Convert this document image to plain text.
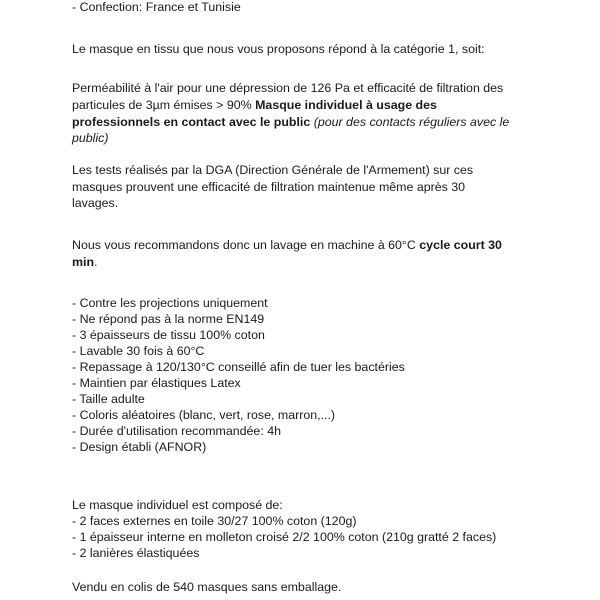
- Confection: France et Tunisie
Le masque en tissu que nous vous proposons répond à la catégorie 1, soit:
Perméabilité à l'air pour une dépression de 126 Pa et efficacité de filtration des
particules de 3µm émises > 90% Masque individuel à usage des
professionnels en contact avec le public (pour des contacts réguliers avec le
public)
Les tests réalisés par la DGA (Direction Générale de l'Armement) sur ces
masques prouvent une efficacité de filtration maintenue même après 30
lavages.
Nous vous recommandons donc un lavage en machine à 60°C cycle court 30
min.
- Contre les projections uniquement
- Ne répond pas à la norme EN149
- 3 épaisseurs de tissu 100% coton
- Lavable 30 fois à 60°C
- Repassage à 120/130°C conseillé afin de tuer les bactéries
- Maintien par élastiques Latex
- Taille adulte
- Coloris aléatoires (blanc, vert, rose, marron,...)
- Durée d'utilisation recommandée: 4h
- Design établi (AFNOR)
Le masque individuel est composé de:
- 2 faces externes en toile 30/27 100% coton (120g)
- 1 épaisseur interne en molleton croisé 2/2 100% coton (210g gratté 2 faces)
- 2 lanières élastiquées
Vendu en colis de 540 masques sans emballage.
